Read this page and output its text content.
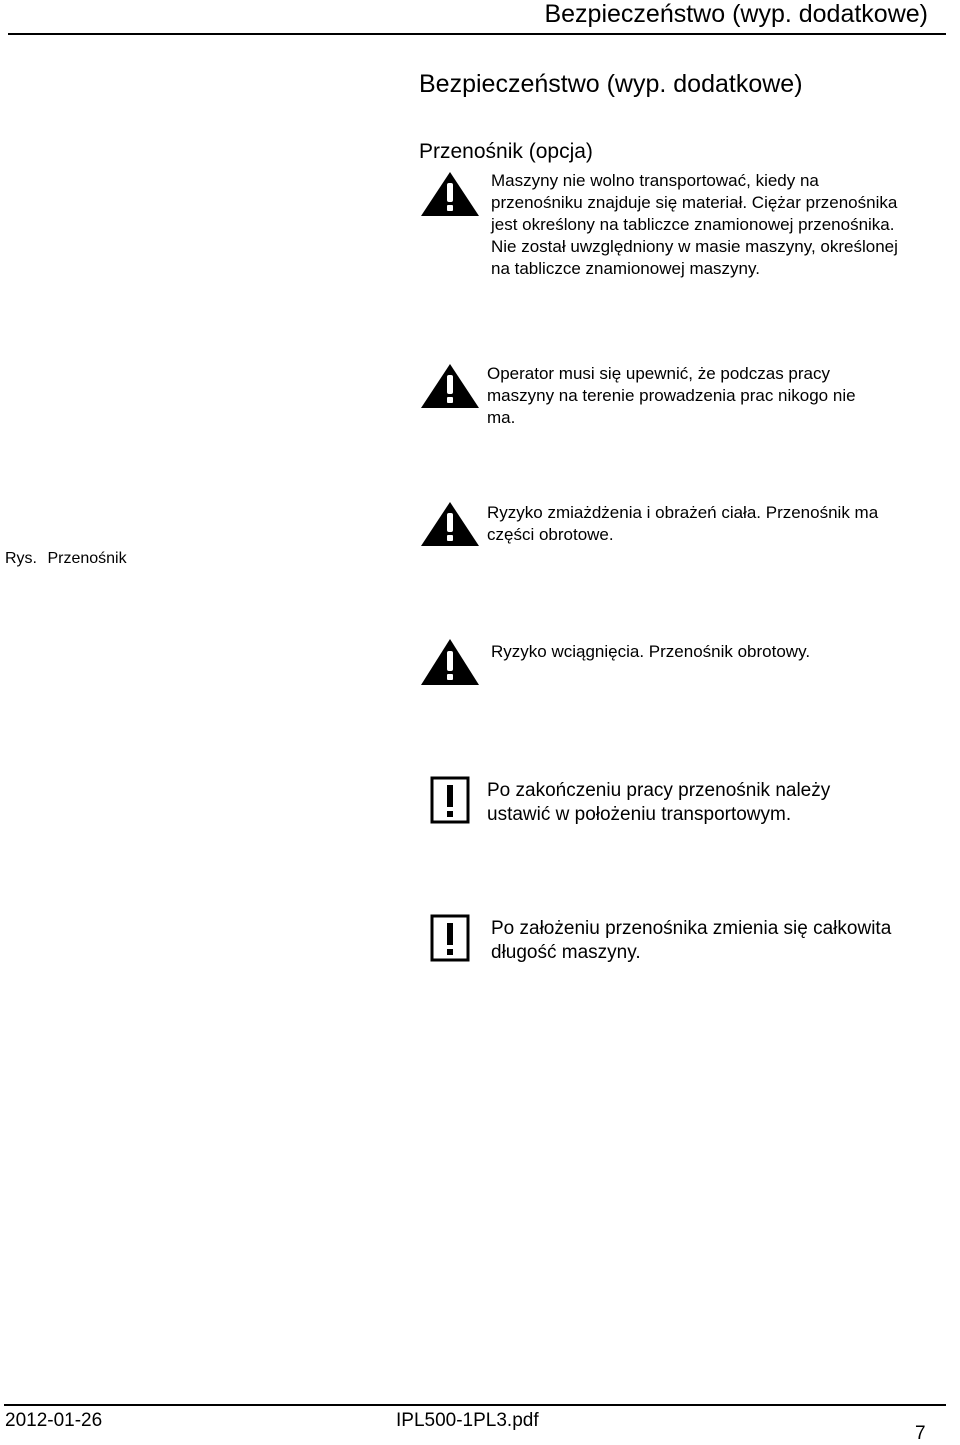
Bezpieczeństwo (wyp. dodatkowe)
Bezpieczeństwo (wyp. dodatkowe)
Przenośnik (opcja)
Maszyny nie wolno transportować, kiedy na
przenośniku znajduje się materiał. Ciężar przenośnika
jest określony na tabliczce znamionowej przenośnika.
Nie został uwzględniony w masie maszyny, określonej
na tabliczce znamionowej maszyny.
Operator musi się upewnić, że podczas pracy
maszyny na terenie prowadzenia prac nikogo nie
ma.
Rys. Przenośnik
Ryzyko zmiażdżenia i obrażeń ciała. Przenośnik ma
części obrotowe.
Ryzyko wciągnięcia. Przenośnik obrotowy.
Po zakończeniu pracy przenośnik należy
ustawić w położeniu transportowym.
Po założeniu przenośnika zmienia się całkowita
długość maszyny.
2012-01-26	IPL500-1PL3.pdf
7
